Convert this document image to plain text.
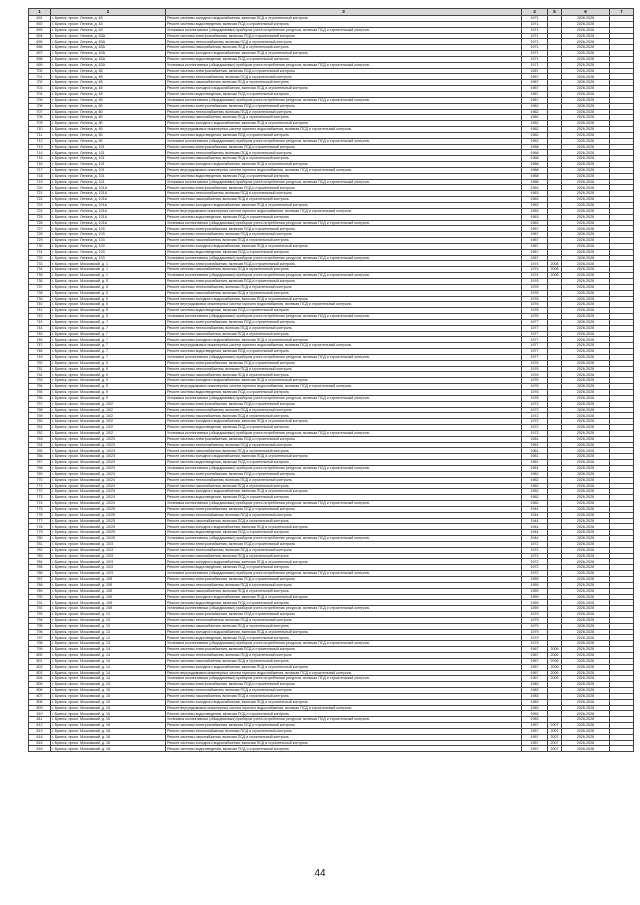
1	2	3	4	5	6	7
691	г. Брянск, просп. Ленина, д. 63	Ремонт системы холодного водоснабжения, включая ПСД и строительный контроль	1971		2026-2028	
692	г. Брянск, просп. Ленина, д. 63	Ремонт системы водоотведения, включая ПСД и строительный контроль	1971		2026-2028	
693	г. Брянск, просп. Ленина, д. 63	Установка коллективных (общедомовых) приборов учета потребления ресурсов, включая ПСД и строительный контроль	1971		2026-2028	
694	г. Брянск, просп. Ленина, д. 63А	Ремонт системы электроснабжения, включая ПСД и строительный контроль	1971		2026-2028	
695	г. Брянск, просп. Ленина, д. 63А	Ремонт системы теплоснабжения, включая ПСД и строительный контроль	1971		2026-2028	
696	г. Брянск, просп. Ленина, д. 63А	Ремонт системы газоснабжения, включая ПСД и строительный контроль	1971		2026-2028	
697	г. Брянск, просп. Ленина, д. 63А	Ремонт системы холодного водоснабжения, включая ПСД и строительный контроль	1971		2026-2028	
698	г. Брянск, просп. Ленина, д. 63А	Ремонт системы водоотведения, включая ПСД и строительный контроль	1971		2026-2028	
699	г. Брянск, просп. Ленина, д. 63А	Установка коллективных (общедомовых) приборов учета потребления ресурсов, включая ПСД и строительный контроль	1971		2026-2028	
700	г. Брянск, просп. Ленина, д. 65	Ремонт системы электроснабжения, включая ПСД и строительный контроль	1967		2026-2028	
701	г. Брянск, просп. Ленина, д. 65	Ремонт системы теплоснабжения, включая ПСД и строительный контроль	1967		2026-2028	
702	г. Брянск, просп. Ленина, д. 65	Ремонт системы газоснабжения, включая ПСД и строительный контроль	1967		2026-2028	
703	г. Брянск, просп. Ленина, д. 65	Ремонт системы холодного водоснабжения, включая ПСД и строительный контроль	1967		2026-2028	
704	г. Брянск, просп. Ленина, д. 65	Ремонт системы водоотведения, включая ПСД и строительный контроль	1967		2026-2028	
705	г. Брянск, просп. Ленина, д. 65	Установка коллективных (общедомовых) приборов учета потребления ресурсов, включая ПСД и строительный контроль	1967		2026-2028	
706	г. Брянск, просп. Ленина, д. 80	Ремонт системы электроснабжения, включая ПСД и строительный контроль	1962		2026-2028	
707	г. Брянск, просп. Ленина, д. 80	Ремонт системы теплоснабжения, включая ПСД и строительный контроль	1962		2026-2028	
708	г. Брянск, просп. Ленина, д. 80	Ремонт системы газоснабжения, включая ПСД и строительный контроль	1962		2026-2028	
709	г. Брянск, просп. Ленина, д. 80	Ремонт системы холодного водоснабжения, включая ПСД и строительный контроль	1962		2026-2028	
710	г. Брянск, просп. Ленина, д. 80	Ремонт внутридомовых инженерных систем горячего водоснабжения, включая ПСД и строительный контроль	1962		2026-2028	
711	г. Брянск, просп. Ленина, д. 80	Ремонт системы водоотведения, включая ПСД и строительный контроль	1962		2026-2028	
712	г. Брянск, просп. Ленина, д. 80	Установка коллективных (общедомовых) приборов учета потребления ресурсов, включая ПСД и строительный контроль	1962		2026-2028	
713	г. Брянск, просп. Ленина, д. 101	Ремонт системы электроснабжения, включая ПСД и строительный контроль	1968		2026-2028	
714	г. Брянск, просп. Ленина, д. 101	Ремонт системы теплоснабжения, включая ПСД и строительный контроль	1968		2026-2028	
715	г. Брянск, просп. Ленина, д. 101	Ремонт системы газоснабжения, включая ПСД и строительный контроль	1968		2026-2028	
716	г. Брянск, просп. Ленина, д. 101	Ремонт системы холодного водоснабжения, включая ПСД и строительный контроль	1968		2026-2028	
717	г. Брянск, просп. Ленина, д. 101	Ремонт внутридомовых инженерных систем горячего водоснабжения, включая ПСД и строительный контроль	1968		2026-2028	
718	г. Брянск, просп. Ленина, д. 101	Ремонт системы водоотведения, включая ПСД и строительный контроль	1968		2026-2028	
719	г. Брянск, просп. Ленина, д. 101	Установка коллективных (общедомовых) приборов учета потребления ресурсов, включая ПСД и строительный контроль	1968		2026-2028	
720	г. Брянск, просп. Ленина, д. 101А	Ремонт системы электроснабжения, включая ПСД и строительный контроль	1963		2026-2028	
721	г. Брянск, просп. Ленина, д. 101А	Ремонт системы теплоснабжения, включая ПСД и строительный контроль	1963		2026-2028	
722	г. Брянск, просп. Ленина, д. 101А	Ремонт системы газоснабжения, включая ПСД и строительный контроль	1963		2026-2028	
723	г. Брянск, просп. Ленина, д. 101А	Ремонт системы холодного водоснабжения, включая ПСД и строительный контроль	1963		2026-2028	
724	г. Брянск, просп. Ленина, д. 101А	Ремонт внутридомовых инженерных систем горячего водоснабжения, включая ПСД и строительный контроль	1963		2026-2028	
725	г. Брянск, просп. Ленина, д. 101А	Ремонт системы водоотведения, включая ПСД и строительный контроль	1963		2026-2028	
726	г. Брянск, просп. Ленина, д. 101А	Установка коллективных (общедомовых) приборов учета потребления ресурсов, включая ПСД и строительный контроль	1963		2026-2028	
727	г. Брянск, просп. Ленина, д. 103	Ремонт системы электроснабжения, включая ПСД и строительный контроль	1967		2026-2028	
728	г. Брянск, просп. Ленина, д. 103	Ремонт системы теплоснабжения, включая ПСД и строительный контроль	1967		2026-2028	
729	г. Брянск, просп. Ленина, д. 103	Ремонт системы газоснабжения, включая ПСД и строительный контроль	1967		2026-2028	
730	г. Брянск, просп. Ленина, д. 103	Ремонт системы холодного водоснабжения, включая ПСД и строительный контроль	1967		2026-2028	
731	г. Брянск, просп. Ленина, д. 103	Ремонт системы водоотведения, включая ПСД и строительный контроль	1967		2026-2028	
732	г. Брянск, просп. Ленина, д. 103	Установка коллективных (общедомовых) приборов учета потребления ресурсов, включая ПСД и строительный контроль	1967		2026-2028	
733	г. Брянск, просп. Московский, д. 1	Ремонт системы электроснабжения, включая ПСД и строительный контроль	1974	2008	2026-2028	
734	г. Брянск, просп. Московский, д. 1	Ремонт системы газоснабжения, включая ПСД и строительный контроль	1974	2008	2026-2028	
735	г. Брянск, просп. Московский, д. 1	Установка коллективных (общедомовых) приборов учета потребления ресурсов, включая ПСД и строительный контроль	1974	2008	2026-2028	
736	г. Брянск, просп. Московский, д. 5	Ремонт системы электроснабжения, включая ПСД и строительный контроль	1976		2026-2028	
737	г. Брянск, просп. Московский, д. 5	Ремонт системы теплоснабжения, включая ПСД и строительный контроль	1976		2026-2028	
738	г. Брянск, просп. Московский, д. 5	Ремонт системы газоснабжения, включая ПСД и строительный контроль	1976		2026-2028	
739	г. Брянск, просп. Московский, д. 5	Ремонт системы холодного водоснабжения, включая ПСД и строительный контроль	1976		2026-2028	
740	г. Брянск, просп. Московский, д. 5	Ремонт внутридомовых инженерных систем горячего водоснабжения, включая ПСД и строительный контроль	1976		2026-2028	
741	г. Брянск, просп. Московский, д. 5	Ремонт системы водоотведения, включая ПСД и строительный контроль	1976		2026-2028	
742	г. Брянск, просп. Московский, д. 5	Установка коллективных (общедомовых) приборов учета потребления ресурсов, включая ПСД и строительный контроль	1976		2026-2028	
743	г. Брянск, просп. Московский, д. 7	Ремонт системы электроснабжения, включая ПСД и строительный контроль	1977		2026-2028	
744	г. Брянск, просп. Московский, д. 7	Ремонт системы теплоснабжения, включая ПСД и строительный контроль	1977		2026-2028	
745	г. Брянск, просп. Московский, д. 7	Ремонт системы газоснабжения, включая ПСД и строительный контроль	1977		2026-2028	
746	г. Брянск, просп. Московский, д. 7	Ремонт системы холодного водоснабжения, включая ПСД и строительный контроль	1977		2026-2028	
747	г. Брянск, просп. Московский, д. 7	Ремонт внутридомовых инженерных систем горячего водоснабжения, включая ПСД и строительный контроль	1977		2026-2028	
748	г. Брянск, просп. Московский, д. 7	Ремонт системы водоотведения, включая ПСД и строительный контроль	1977		2026-2028	
749	г. Брянск, просп. Московский, д. 7	Установка коллективных (общедомовых) приборов учета потребления ресурсов, включая ПСД и строительный контроль	1977		2026-2028	
750	г. Брянск, просп. Московский, д. 9	Ремонт системы электроснабжения, включая ПСД и строительный контроль	1976		2026-2028	
751	г. Брянск, просп. Московский, д. 9	Ремонт системы теплоснабжения, включая ПСД и строительный контроль	1976		2026-2028	
752	г. Брянск, просп. Московский, д. 9	Ремонт системы газоснабжения, включая ПСД и строительный контроль	1976		2026-2028	
753	г. Брянск, просп. Московский, д. 9	Ремонт системы холодного водоснабжения, включая ПСД и строительный контроль	1976		2026-2028	
754	г. Брянск, просп. Московский, д. 9	Ремонт внутридомовых инженерных систем горячего водоснабжения, включая ПСД и строительный контроль	1976		2026-2028	
755	г. Брянск, просп. Московский, д. 9	Ремонт системы водоотведения, включая ПСД и строительный контроль	1976		2026-2028	
756	г. Брянск, просп. Московский, д. 9	Установка коллективных (общедомовых) приборов учета потребления ресурсов, включая ПСД и строительный контроль	1976		2026-2028	
757	г. Брянск, просп. Московский, д. 10/2	Ремонт системы электроснабжения, включая ПСД и строительный контроль	1972		2026-2028	
758	г. Брянск, просп. Московский, д. 10/2	Ремонт системы теплоснабжения, включая ПСД и строительный контроль	1972		2026-2028	
759	г. Брянск, просп. Московский, д. 10/2	Ремонт системы газоснабжения, включая ПСД и строительный контроль	1972		2026-2028	
760	г. Брянск, просп. Московский, д. 10/2	Ремонт системы холодного водоснабжения, включая ПСД и строительный контроль	1972		2026-2028	
761	г. Брянск, просп. Московский, д. 10/2	Ремонт системы водоотведения, включая ПСД и строительный контроль	1972		2026-2028	
762	г. Брянск, просп. Московский, д. 10/2	Установка коллективных (общедомовых) приборов учета потребления ресурсов, включая ПСД и строительный контроль	1972		2026-2028	
763	г. Брянск, просп. Московский, д. 10/23	Ремонт системы электроснабжения, включая ПСД и строительный контроль	1961		2026-2028	
764	г. Брянск, просп. Московский, д. 10/23	Ремонт системы теплоснабжения, включая ПСД и строительный контроль	1961		2026-2028	
765	г. Брянск, просп. Московский, д. 10/23	Ремонт системы газоснабжения, включая ПСД и строительный контроль	1961		2026-2028	
766	г. Брянск, просп. Московский, д. 10/23	Ремонт системы холодного водоснабжения, включая ПСД и строительный контроль	1961		2026-2028	
767	г. Брянск, просп. Московский, д. 10/23	Ремонт системы водоотведения, включая ПСД и строительный контроль	1961		2026-2028	
768	г. Брянск, просп. Московский, д. 10/23	Установка коллективных (общедомовых) приборов учета потребления ресурсов, включая ПСД и строительный контроль	1961		2026-2028	
769	г. Брянск, просп. Московский, д. 10/24	Ремонт системы электроснабжения, включая ПСД и строительный контроль	1962		2026-2028	
770	г. Брянск, просп. Московский, д. 10/24	Ремонт системы теплоснабжения, включая ПСД и строительный контроль	1962		2026-2028	
771	г. Брянск, просп. Московский, д. 10/24	Ремонт системы газоснабжения, включая ПСД и строительный контроль	1962		2026-2028	
772	г. Брянск, просп. Московский, д. 10/24	Ремонт системы холодного водоснабжения, включая ПСД и строительный контроль	1962		2026-2028	
773	г. Брянск, просп. Московский, д. 10/24	Ремонт системы водоотведения, включая ПСД и строительный контроль	1962		2026-2028	
774	г. Брянск, просп. Московский, д. 10/24	Установка коллективных (общедомовых) приборов учета потребления ресурсов, включая ПСД и строительный контроль	1962		2026-2028	
775	г. Брянск, просп. Московский, д. 10/25	Ремонт системы электроснабжения, включая ПСД и строительный контроль	1944		2026-2028	
776	г. Брянск, просп. Московский, д. 10/25	Ремонт системы теплоснабжения, включая ПСД и строительный контроль	1944		2026-2028	
777	г. Брянск, просп. Московский, д. 10/25	Ремонт системы газоснабжения, включая ПСД и строительный контроль	1944		2026-2028	
778	г. Брянск, просп. Московский, д. 10/25	Ремонт системы холодного водоснабжения, включая ПСД и строительный контроль	1944		2026-2028	
779	г. Брянск, просп. Московский, д. 10/25	Ремонт системы водоотведения, включая ПСД и строительный контроль	1944		2026-2028	
780	г. Брянск, просп. Московский, д. 10/25	Установка коллективных (общедомовых) приборов учета потребления ресурсов, включая ПСД и строительный контроль	1944		2026-2028	
781	г. Брянск, просп. Московский, д. 10/3	Ремонт системы электроснабжения, включая ПСД и строительный контроль	1972		2026-2028	
782	г. Брянск, просп. Московский, д. 10/3	Ремонт системы теплоснабжения, включая ПСД и строительный контроль	1972		2026-2028	
783	г. Брянск, просп. Московский, д. 10/3	Ремонт системы газоснабжения, включая ПСД и строительный контроль	1972		2026-2028	
784	г. Брянск, просп. Московский, д. 10/3	Ремонт системы холодного водоснабжения, включая ПСД и строительный контроль	1972		2026-2028	
785	г. Брянск, просп. Московский, д. 10/3	Ремонт системы водоотведения, включая ПСД и строительный контроль	1972		2026-2028	
786	г. Брянск, просп. Московский, д. 10/3	Установка коллективных (общедомовых) приборов учета потребления ресурсов, включая ПСД и строительный контроль	1972		2026-2028	
787	г. Брянск, просп. Московский, д. 10б	Ремонт системы электроснабжения, включая ПСД и строительный контроль	1959		2026-2028	
788	г. Брянск, просп. Московский, д. 10б	Ремонт системы теплоснабжения, включая ПСД и строительный контроль	1959		2026-2028	
789	г. Брянск, просп. Московский, д. 10б	Ремонт системы газоснабжения, включая ПСД и строительный контроль	1959		2026-2028	
790	г. Брянск, просп. Московский, д. 10б	Ремонт системы холодного водоснабжения, включая ПСД и строительный контроль	1959		2026-2028	
791	г. Брянск, просп. Московский, д. 10б	Ремонт системы водоотведения, включая ПСД и строительный контроль	1959		2026-2028	
792	г. Брянск, просп. Московский, д. 10б	Установка коллективных (общедомовых) приборов учета потребления ресурсов, включая ПСД и строительный контроль	1959		2026-2028	
793	г. Брянск, просп. Московский, д. 13	Ремонт системы электроснабжения, включая ПСД и строительный контроль	1979		2026-2028	
794	г. Брянск, просп. Московский, д. 13	Ремонт системы теплоснабжения, включая ПСД и строительный контроль	1979		2026-2028	
795	г. Брянск, просп. Московский, д. 13	Ремонт системы газоснабжения, включая ПСД и строительный контроль	1979		2026-2028	
796	г. Брянск, просп. Московский, д. 13	Ремонт системы холодного водоснабжения, включая ПСД и строительный контроль	1979		2026-2028	
797	г. Брянск, просп. Московский, д. 13	Ремонт системы водоотведения, включая ПСД и строительный контроль	1979		2026-2028	
798	г. Брянск, просп. Московский, д. 13	Установка коллективных (общедомовых) приборов учета потребления ресурсов, включая ПСД и строительный контроль	1979		2026-2028	
799	г. Брянск, просп. Московский, д. 14	Ремонт системы электроснабжения, включая ПСД и строительный контроль	1967	2006	2026-2028	
800	г. Брянск, просп. Московский, д. 14	Ремонт системы теплоснабжения, включая ПСД и строительный контроль	1967	2006	2026-2028	
801	г. Брянск, просп. Московский, д. 14	Ремонт системы газоснабжения, включая ПСД и строительный контроль	1967	2006	2026-2028	
802	г. Брянск, просп. Московский, д. 14	Ремонт системы холодного водоснабжения, включая ПСД и строительный контроль	1967	2006	2026-2028	
803	г. Брянск, просп. Московский, д. 14	Ремонт внутридомовых инженерных систем горячего водоснабжения, включая ПСД и строительный контроль	1967	2006	2026-2028	
804	г. Брянск, просп. Московский, д. 14	Установка коллективных (общедомовых) приборов учета потребления ресурсов, включая ПСД и строительный контроль	1967	2006	2026-2028	
805	г. Брянск, просп. Московский, д. 15	Ремонт системы электроснабжения, включая ПСД и строительный контроль	1983		2026-2028	
806	г. Брянск, просп. Московский, д. 15	Ремонт системы теплоснабжения, включая ПСД и строительный контроль	1983		2026-2028	
807	г. Брянск, просп. Московский, д. 15	Ремонт системы газоснабжения, включая ПСД и строительный контроль	1983		2026-2028	
808	г. Брянск, просп. Московский, д. 15	Ремонт системы холодного водоснабжения, включая ПСД и строительный контроль	1983		2026-2028	
809	г. Брянск, просп. Московский, д. 15	Ремонт внутридомовых инженерных систем горячего водоснабжения, включая ПСД и строительный контроль	1983		2026-2028	
810	г. Брянск, просп. Московский, д. 15	Ремонт системы водоотведения, включая ПСД и строительный контроль	1983		2026-2028	
811	г. Брянск, просп. Московский, д. 15	Установка коллективных (общедомовых) приборов учета потребления ресурсов, включая ПСД и строительный контроль	1983		2026-2028	
812	г. Брянск, просп. Московский, д. 18	Ремонт системы электроснабжения, включая ПСД и строительный контроль	1957	2007	2026-2028	
813	г. Брянск, просп. Московский, д. 18	Ремонт системы теплоснабжения, включая ПСД и строительный контроль	1957	2007	2026-2028	
814	г. Брянск, просп. Московский, д. 18	Ремонт системы газоснабжения, включая ПСД и строительный контроль	1957	2007	2026-2028	
815	г. Брянск, просп. Московский, д. 18	Ремонт системы холодного водоснабжения, включая ПСД и строительный контроль	1957	2007	2026-2028	
816	г. Брянск, просп. Московский, д. 18	Ремонт системы водоотведения, включая ПСД и строительный контроль	1957	2007	2026-2028	
44
